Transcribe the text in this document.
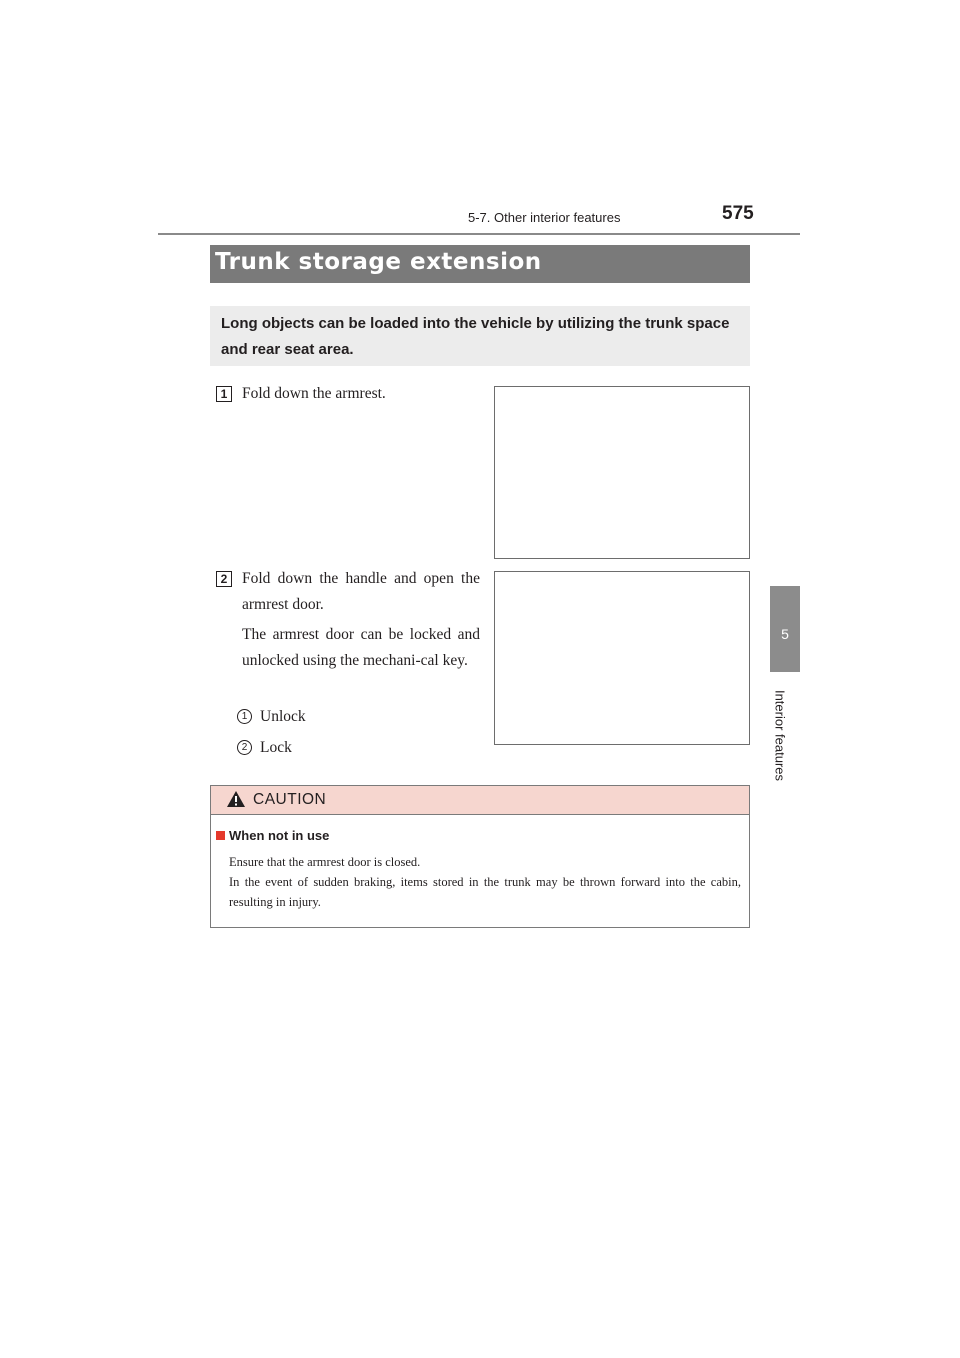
5-7. Other interior features	575
5
Interior features
Trunk storage extension
Long objects can be loaded into the vehicle by utilizing the trunk space and rear seat area.
1 Fold down the armrest.
2 Fold down the handle and open the armrest door.
The armrest door can be locked and unlocked using the mechani-cal key.
1 Unlock
2 Lock
CAUTION
When not in use
Ensure that the armrest door is closed.
In the event of sudden braking, items stored in the trunk may be thrown forward into the cabin, resulting in injury.
